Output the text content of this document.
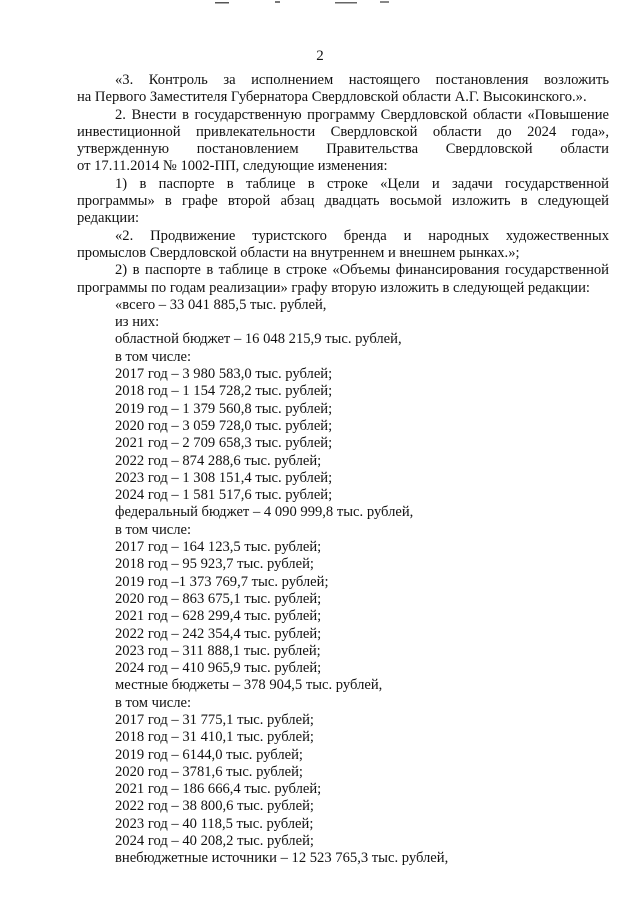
2
«3. Контроль за исполнением настоящего постановления возложить
на Первого Заместителя Губернатора Свердловской области А.Г. Высокинского.».
2. Внести в государственную программу Свердловской области «Повышение
инвестиционной привлекательности Свердловской области до 2024 года»,
утвержденную постановлением Правительства Свердловской области
от 17.11.2014 № 1002-ПП, следующие изменения:
1) в паспорте в таблице в строке «Цели и задачи государственной
программы» в графе второй абзац двадцать восьмой изложить в следующей
редакции:
«2. Продвижение туристского бренда и народных художественных
промыслов Свердловской области на внутреннем и внешнем рынках.»;
2) в паспорте в таблице в строке «Объемы финансирования государственной
программы по годам реализации» графу вторую изложить в следующей редакции:
«всего – 33 041 885,5 тыс. рублей,
из них:
областной бюджет – 16 048 215,9 тыс. рублей,
в том числе:
2017 год – 3 980 583,0 тыс. рублей;
2018 год – 1 154 728,2 тыс. рублей;
2019 год – 1 379 560,8 тыс. рублей;
2020 год – 3 059 728,0 тыс. рублей;
2021 год – 2 709 658,3 тыс. рублей;
2022 год – 874 288,6 тыс. рублей;
2023 год – 1 308 151,4 тыс. рублей;
2024 год – 1 581 517,6 тыс. рублей;
федеральный бюджет – 4 090 999,8 тыс. рублей,
в том числе:
2017 год – 164 123,5 тыс. рублей;
2018 год – 95 923,7 тыс. рублей;
2019 год –1 373 769,7 тыс. рублей;
2020 год – 863 675,1 тыс. рублей;
2021 год – 628 299,4 тыс. рублей;
2022 год – 242 354,4 тыс. рублей;
2023 год – 311 888,1 тыс. рублей;
2024 год – 410 965,9 тыс. рублей;
местные бюджеты – 378 904,5 тыс. рублей,
в том числе:
2017 год – 31 775,1 тыс. рублей;
2018 год – 31 410,1 тыс. рублей;
2019 год – 6144,0 тыс. рублей;
2020 год – 3781,6 тыс. рублей;
2021 год – 186 666,4 тыс. рублей;
2022 год – 38 800,6 тыс. рублей;
2023 год – 40 118,5 тыс. рублей;
2024 год – 40 208,2 тыс. рублей;
внебюджетные источники – 12 523 765,3 тыс. рублей,
